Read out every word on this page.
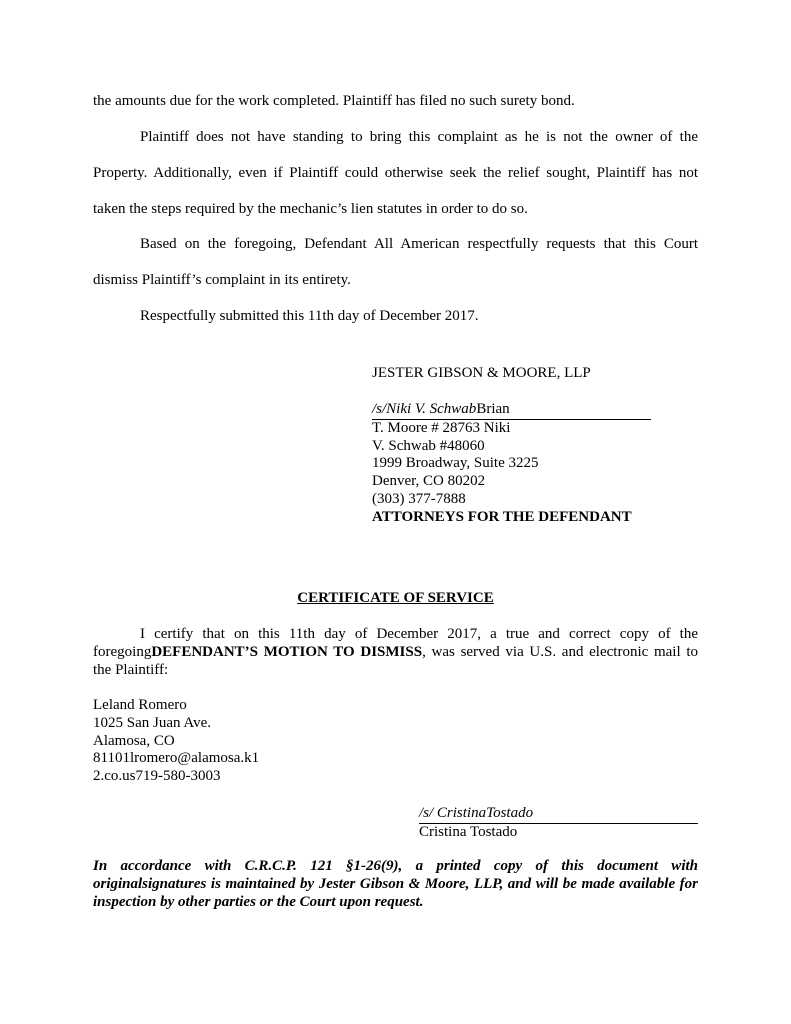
the amounts due for the work completed. Plaintiff has filed no such surety bond.
Plaintiff does not have standing to bring this complaint as he is not the owner of the
Property. Additionally, even if Plaintiff could otherwise seek the relief sought, Plaintiff has not
taken the steps required by the mechanic’s lien statutes in order to do so.
Based on the foregoing, Defendant All American respectfully requests that this Court
dismiss Plaintiff’s complaint in its entirety.
Respectfully submitted this 11th day of December 2017.
JESTER GIBSON & MOORE, LLP
/s/Niki V. SchwabBrian
T. Moore # 28763 Niki
V. Schwab #48060
1999 Broadway, Suite 3225
Denver, CO 80202
(303) 377-7888
ATTORNEYS FOR THE DEFENDANT
CERTIFICATE OF SERVICE
I certify that on this 11th day of December 2017, a true and correct copy of the
foregoingDEFENDANT’S MOTION TO DISMISS, was served via U.S. and electronic mail to
the Plaintiff:
Leland Romero
1025 San Juan Ave.
Alamosa, CO
81101lromero@alamosa.k1
2.co.us719-580-3003
/s/ CristinaTostado
Cristina Tostado
In accordance with C.R.C.P. 121 §1-26(9), a printed copy of this document with originalsignatures is maintained by Jester Gibson & Moore, LLP, and will be made available for inspection by other parties or the Court upon request.
